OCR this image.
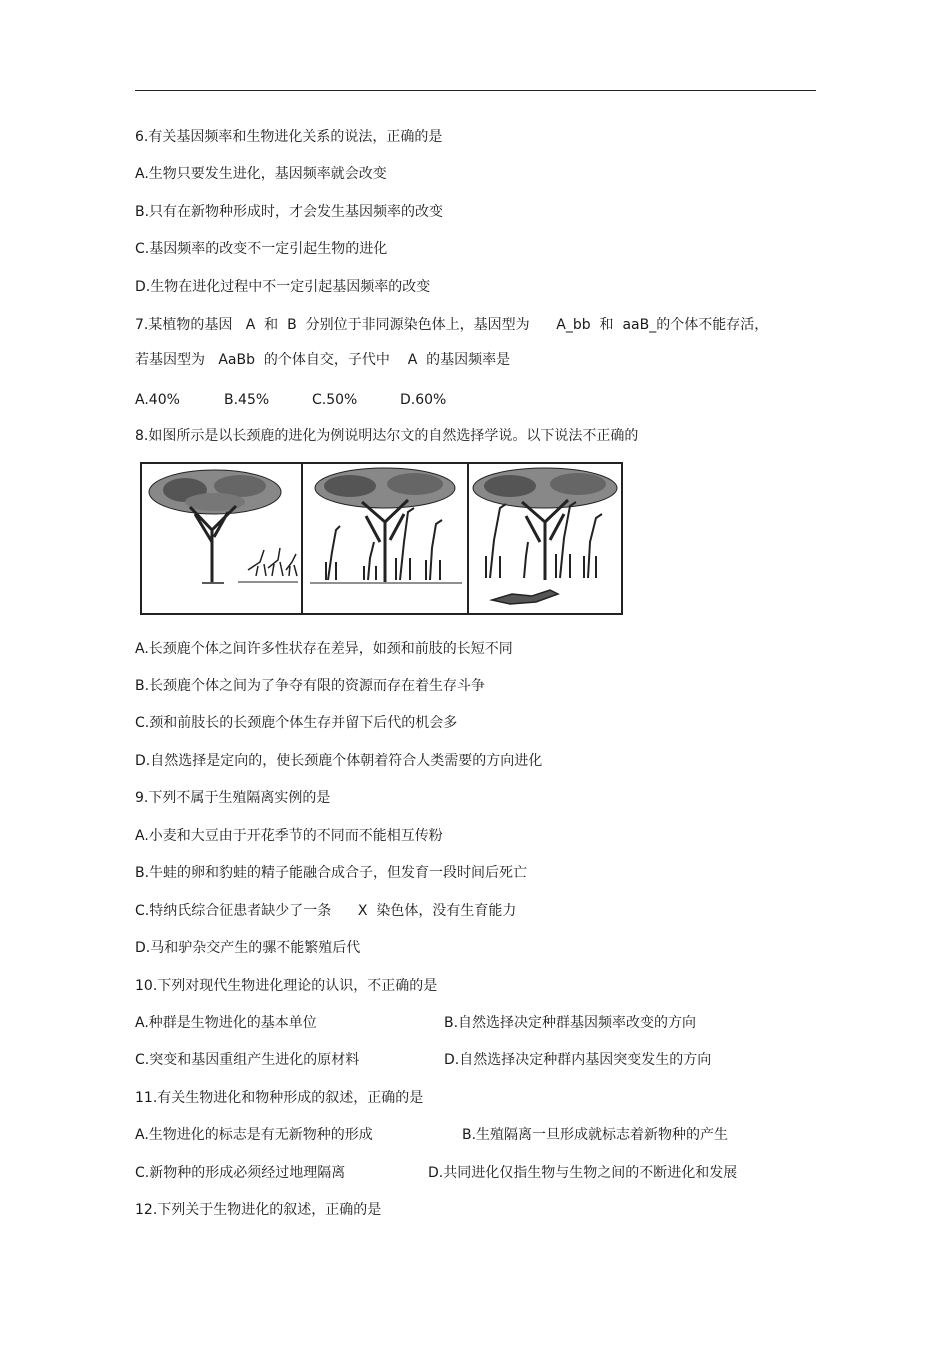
6.有关基因频率和生物进化关系的说法，正确的是
A.生物只要发生进化，基因频率就会改变
B.只有在新物种形成时，才会发生基因频率的改变
C.基因频率的改变不一定引起生物的进化
D.生物在进化过程中不一定引起基因频率的改变
7.某植物的基因   A  和  B  分别位于非同源染色体上，基因型为      A_bb  和  aaB_的个体不能存活，
若基因型为   AaBb  的个体自交，子代中    A  的基因频率是
A.40%	B.45%	C.50%	D.60%
8.如图所示是以长颈鹿的进化为例说明达尔文的自然选择学说。以下说法不正确的
A.长颈鹿个体之间许多性状存在差异，如颈和前肢的长短不同
B.长颈鹿个体之间为了争夺有限的资源而存在着生存斗争
C.颈和前肢长的长颈鹿个体生存并留下后代的机会多
D.自然选择是定向的，使长颈鹿个体朝着符合人类需要的方向进化
9.下列不属于生殖隔离实例的是
A.小麦和大豆由于开花季节的不同而不能相互传粉
B.牛蛙的卵和豹蛙的精子能融合成合子，但发育一段时间后死亡
C.特纳氏综合征患者缺少了一条      X  染色体，没有生育能力
D.马和驴杂交产生的骡不能繁殖后代
10.下列对现代生物进化理论的认识，不正确的是
A.种群是生物进化的基本单位	B.自然选择决定种群基因频率改变的方向
C.突变和基因重组产生进化的原材料	D.自然选择决定种群内基因突变发生的方向
11.有关生物进化和物种形成的叙述，正确的是
A.生物进化的标志是有无新物种的形成	B.生殖隔离一旦形成就标志着新物种的产生
C.新物种的形成必须经过地理隔离	D.共同进化仅指生物与生物之间的不断进化和发展
12.下列关于生物进化的叙述，正确的是
